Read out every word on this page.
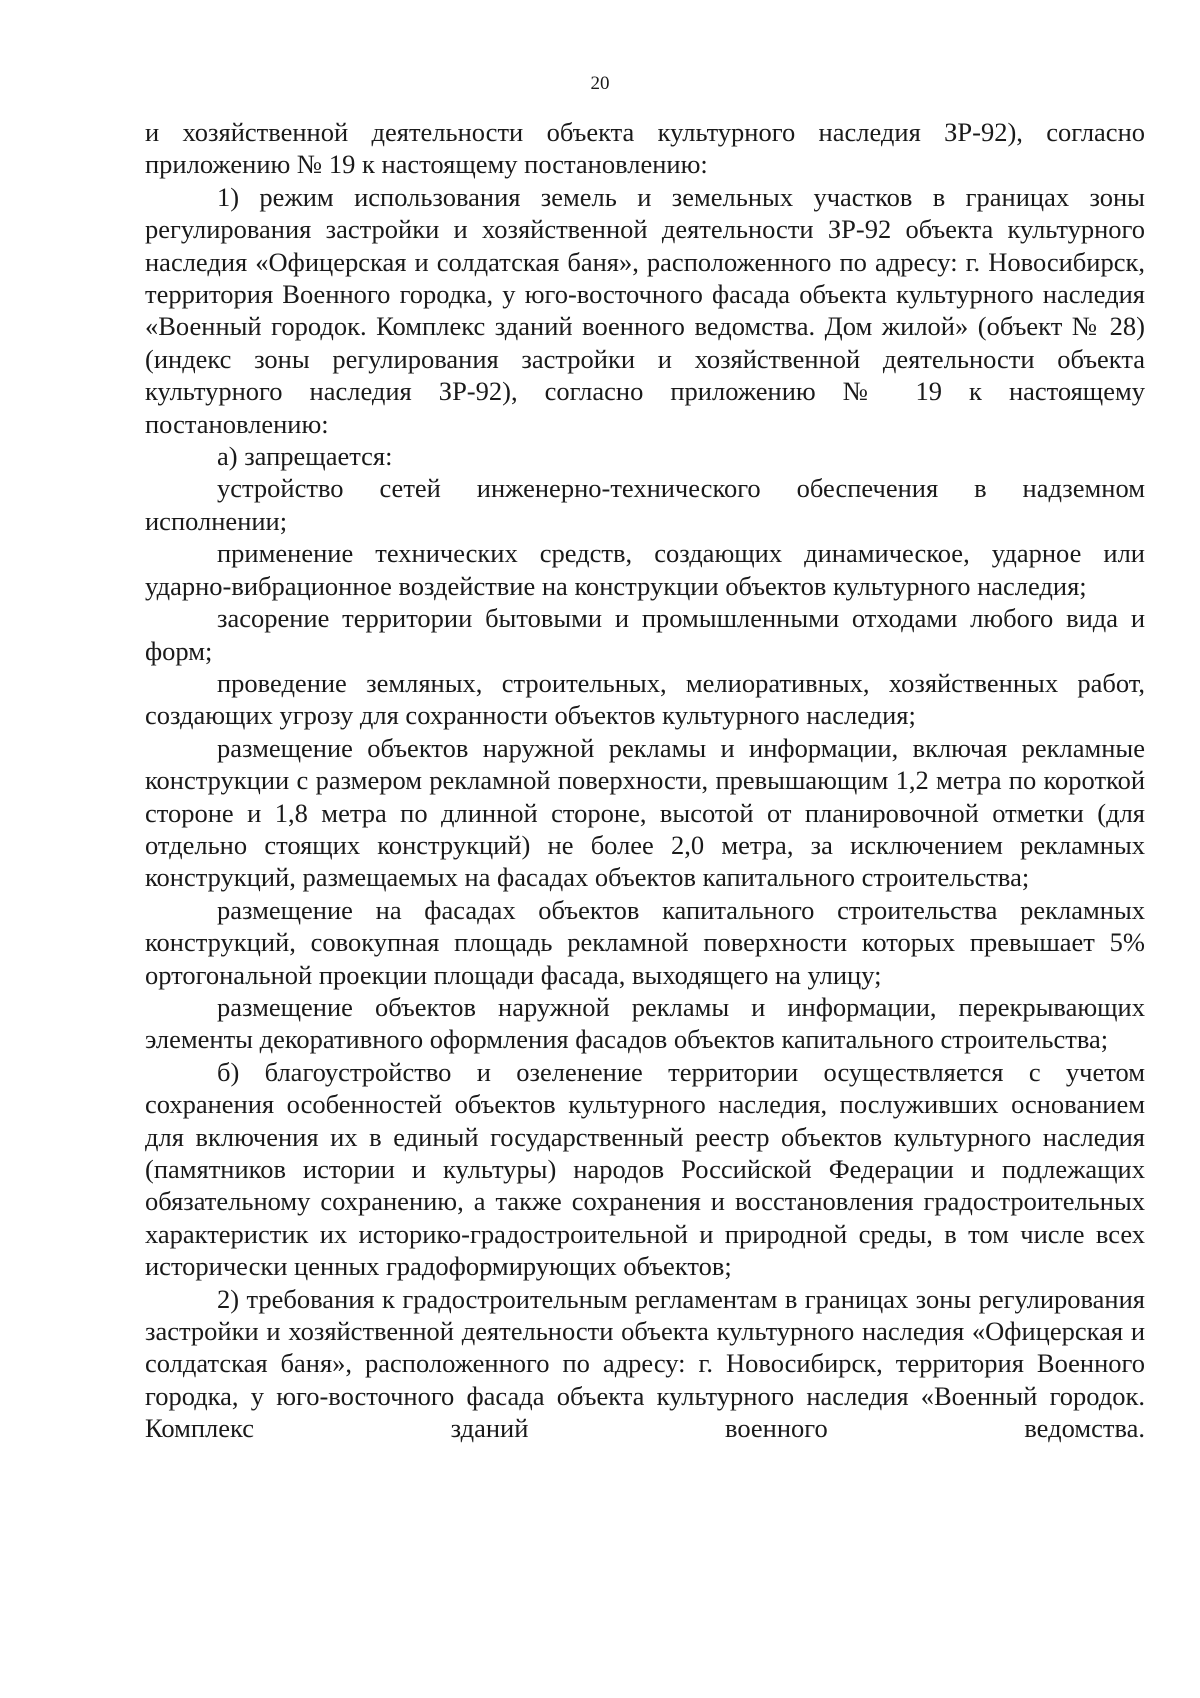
20

и хозяйственной деятельности объекта культурного наследия ЗР-92), согласно приложению № 19 к настоящему постановлению:

1) режим использования земель и земельных участков в границах зоны регулирования застройки и хозяйственной деятельности ЗР-92 объекта культурного наследия «Офицерская и солдатская баня», расположенного по адресу: г. Новосибирск, территория Военного городка, у юго-восточного фасада объекта культурного наследия «Военный городок. Комплекс зданий военного ведомства. Дом жилой» (объект № 28) (индекс зоны регулирования застройки и хозяйственной деятельности объекта культурного наследия ЗР-92), согласно приложению № 19 к настоящему постановлению:

а) запрещается:

устройство сетей инженерно-технического обеспечения в надземном исполнении;

применение технических средств, создающих динамическое, ударное или ударно-вибрационное воздействие на конструкции объектов культурного наследия;

засорение территории бытовыми и промышленными отходами любого вида и форм;

проведение земляных, строительных, мелиоративных, хозяйственных работ, создающих угрозу для сохранности объектов культурного наследия;

размещение объектов наружной рекламы и информации, включая рекламные конструкции с размером рекламной поверхности, превышающим 1,2 метра по короткой стороне и 1,8 метра по длинной стороне, высотой от планировочной отметки (для отдельно стоящих конструкций) не более 2,0 метра, за исключением рекламных конструкций, размещаемых на фасадах объектов капитального строительства;

размещение на фасадах объектов капитального строительства рекламных конструкций, совокупная площадь рекламной поверхности которых превышает 5% ортогональной проекции площади фасада, выходящего на улицу;

размещение объектов наружной рекламы и информации, перекрывающих элементы декоративного оформления фасадов объектов капитального строительства;

б) благоустройство и озеленение территории осуществляется с учетом сохранения особенностей объектов культурного наследия, послуживших основанием для включения их в единый государственный реестр объектов культурного наследия (памятников истории и культуры) народов Российской Федерации и подлежащих обязательному сохранению, а также сохранения и восстановления градостроительных характеристик их историко-градостроительной и природной среды, в том числе всех исторически ценных градоформирующих объектов;

2) требования к градостроительным регламентам в границах зоны регулирования застройки и хозяйственной деятельности объекта культурного наследия «Офицерская и солдатская баня», расположенного по адресу: г. Новосибирск, территория Военного городка, у юго-восточного фасада объекта культурного наследия «Военный городок. Комплекс зданий военного ведомства.
